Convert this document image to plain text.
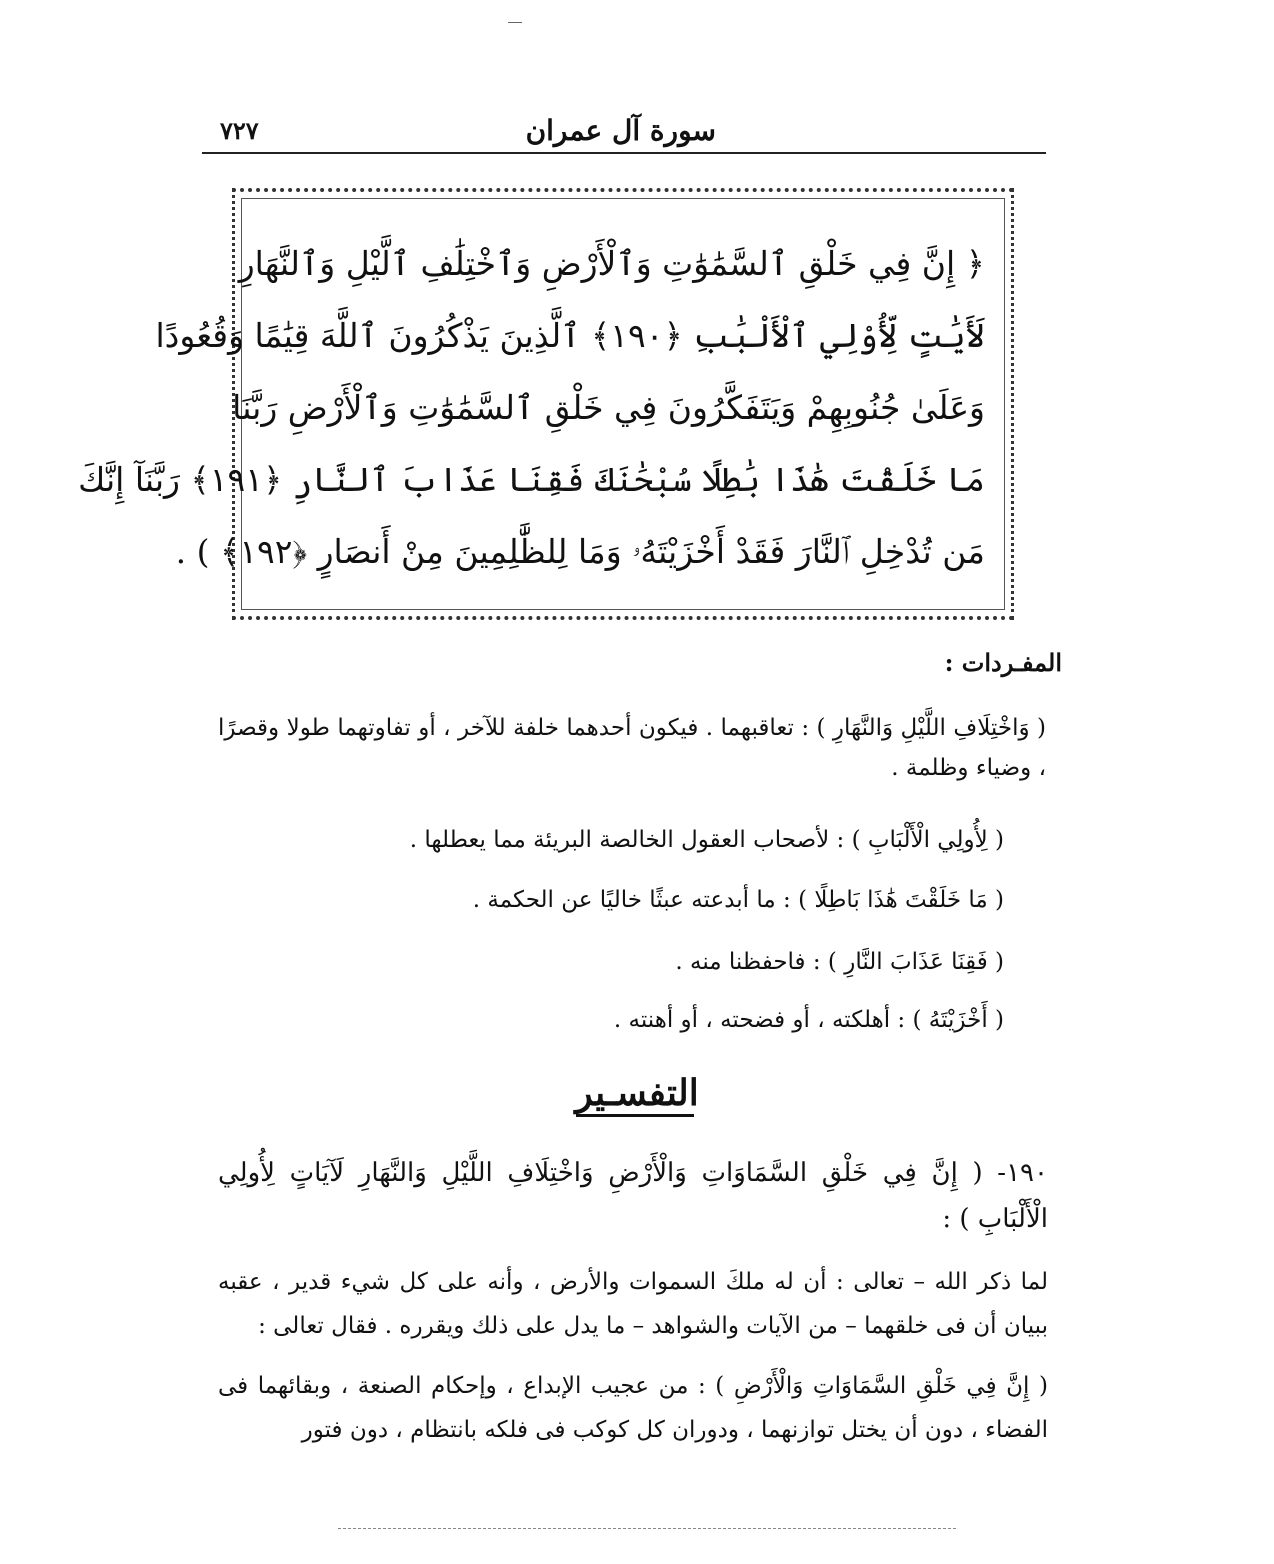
سورة آل عمران
٧٢٧
﴿ إِنَّ فِي خَلْقِ ٱلسَّمَٰوَٰتِ وَٱلْأَرْضِ وَٱخْتِلَٰفِ ٱلَّيْلِ وَٱلنَّهَارِ
لَأَيَٰتٍ لِّأُوْلِي ٱلْأَلْبَٰبِ ﴿١٩٠﴾ ٱلَّذِينَ يَذْكُرُونَ ٱللَّهَ قِيَٰمًا وَقُعُودًا
وَعَلَىٰ جُنُوبِهِمْ وَيَتَفَكَّرُونَ فِي خَلْقِ ٱلسَّمَٰوَٰتِ وَٱلْأَرْضِ رَبَّنَا
مَا خَلَقْتَ هَٰذَا بَٰطِلًا سُبْحَٰنَكَ فَقِنَا عَذَابَ ٱلنَّارِ ﴿١٩١﴾ رَبَّنَآ إِنَّكَ
مَن تُدْخِلِ ٱلنَّارَ فَقَدْ أَخْزَيْتَهُۥ وَمَا لِلظَّٰلِمِينَ مِنْ أَنصَارٍ ﴿١٩٢﴾ ) .
المفـردات :
( وَاخْتِلَافِ اللَّيْلِ وَالنَّهَارِ ) : تعاقبهما . فيكون أحدهما خلفة للآخر ، أو تفاوتهما طولا وقصرًا ، وضياء وظلمة .
( لِأُولِي الْأَلْبَابِ ) : لأصحاب العقول الخالصة البريئة مما يعطلها .
( مَا خَلَقْتَ هَٰذَا بَاطِلًا ) : ما أبدعته عبثًا خاليًا عن الحكمة .
( فَقِنَا عَذَابَ النَّارِ ) : فاحفظنا منه .
( أَخْزَيْتَهُ ) : أهلكته ، أو فضحته ، أو أهنته .
التفسـير
١٩٠- ( إِنَّ فِي خَلْقِ السَّمَاوَاتِ وَالْأَرْضِ وَاخْتِلَافِ اللَّيْلِ وَالنَّهَارِ لَآيَاتٍ لِأُولِي الْأَلْبَابِ ) :
لما ذكر الله – تعالى : أن له ملكَ السموات والأرض ، وأنه على كل شيء قدير ، عقبه ببيان أن فى خلقهما – من الآيات والشواهد – ما يدل على ذلك ويقرره . فقال تعالى :
( إِنَّ فِي خَلْقِ السَّمَاوَاتِ وَالْأَرْضِ ) : من عجيب الإبداع ، وإحكام الصنعة ، وبقائهما فى الفضاء ، دون أن يختل توازنهما ، ودوران كل كوكب فى فلكه بانتظام ، دون فتور
